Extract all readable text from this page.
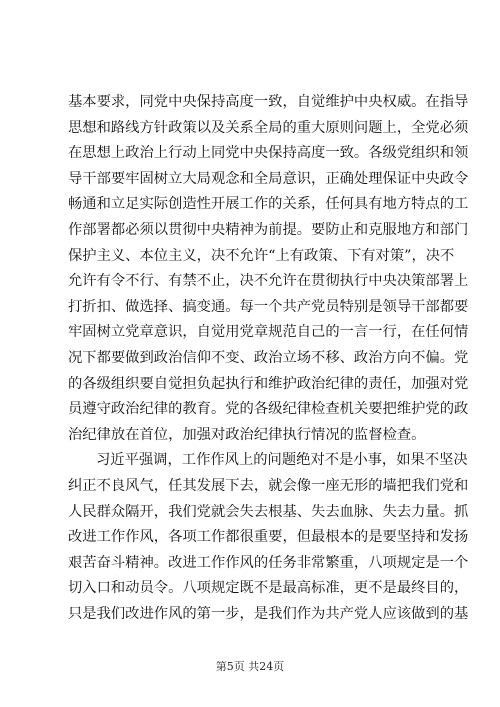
基本要求，同党中央保持高度一致，自觉维护中央权威。在指导
思想和路线方针政策以及关系全局的重大原则问题上，全党必须
在思想上政治上行动上同党中央保持高度一致。各级党组织和领
导干部要牢固树立大局观念和全局意识，正确处理保证中央政令
畅通和立足实际创造性开展工作的关系，任何具有地方特点的工
作部署都必须以贯彻中央精神为前提。要防止和克服地方和部门
保护主义、本位主义，决不允许“上有政策、下有对策”，决不
允许有令不行、有禁不止，决不允许在贯彻执行中央决策部署上
打折扣、做选择、搞变通。每一个共产党员特别是领导干部都要
牢固树立党章意识，自觉用党章规范自己的一言一行，在任何情
况下都要做到政治信仰不变、政治立场不移、政治方向不偏。党
的各级组织要自觉担负起执行和维护政治纪律的责任，加强对党
员遵守政治纪律的教育。党的各级纪律检查机关要把维护党的政
治纪律放在首位，加强对政治纪律执行情况的监督检查。
习近平强调，工作作风上的问题绝对不是小事，如果不坚决
纠正不良风气，任其发展下去，就会像一座无形的墙把我们党和
人民群众隔开，我们党就会失去根基、失去血脉、失去力量。抓
改进工作作风，各项工作都很重要，但最根本的是要坚持和发扬
艰苦奋斗精神。改进工作作风的任务非常繁重，八项规定是一个
切入口和动员令。八项规定既不是最高标准，更不是最终目的，
只是我们改进作风的第一步，是我们作为共产党人应该做到的基
第5页 共24页
